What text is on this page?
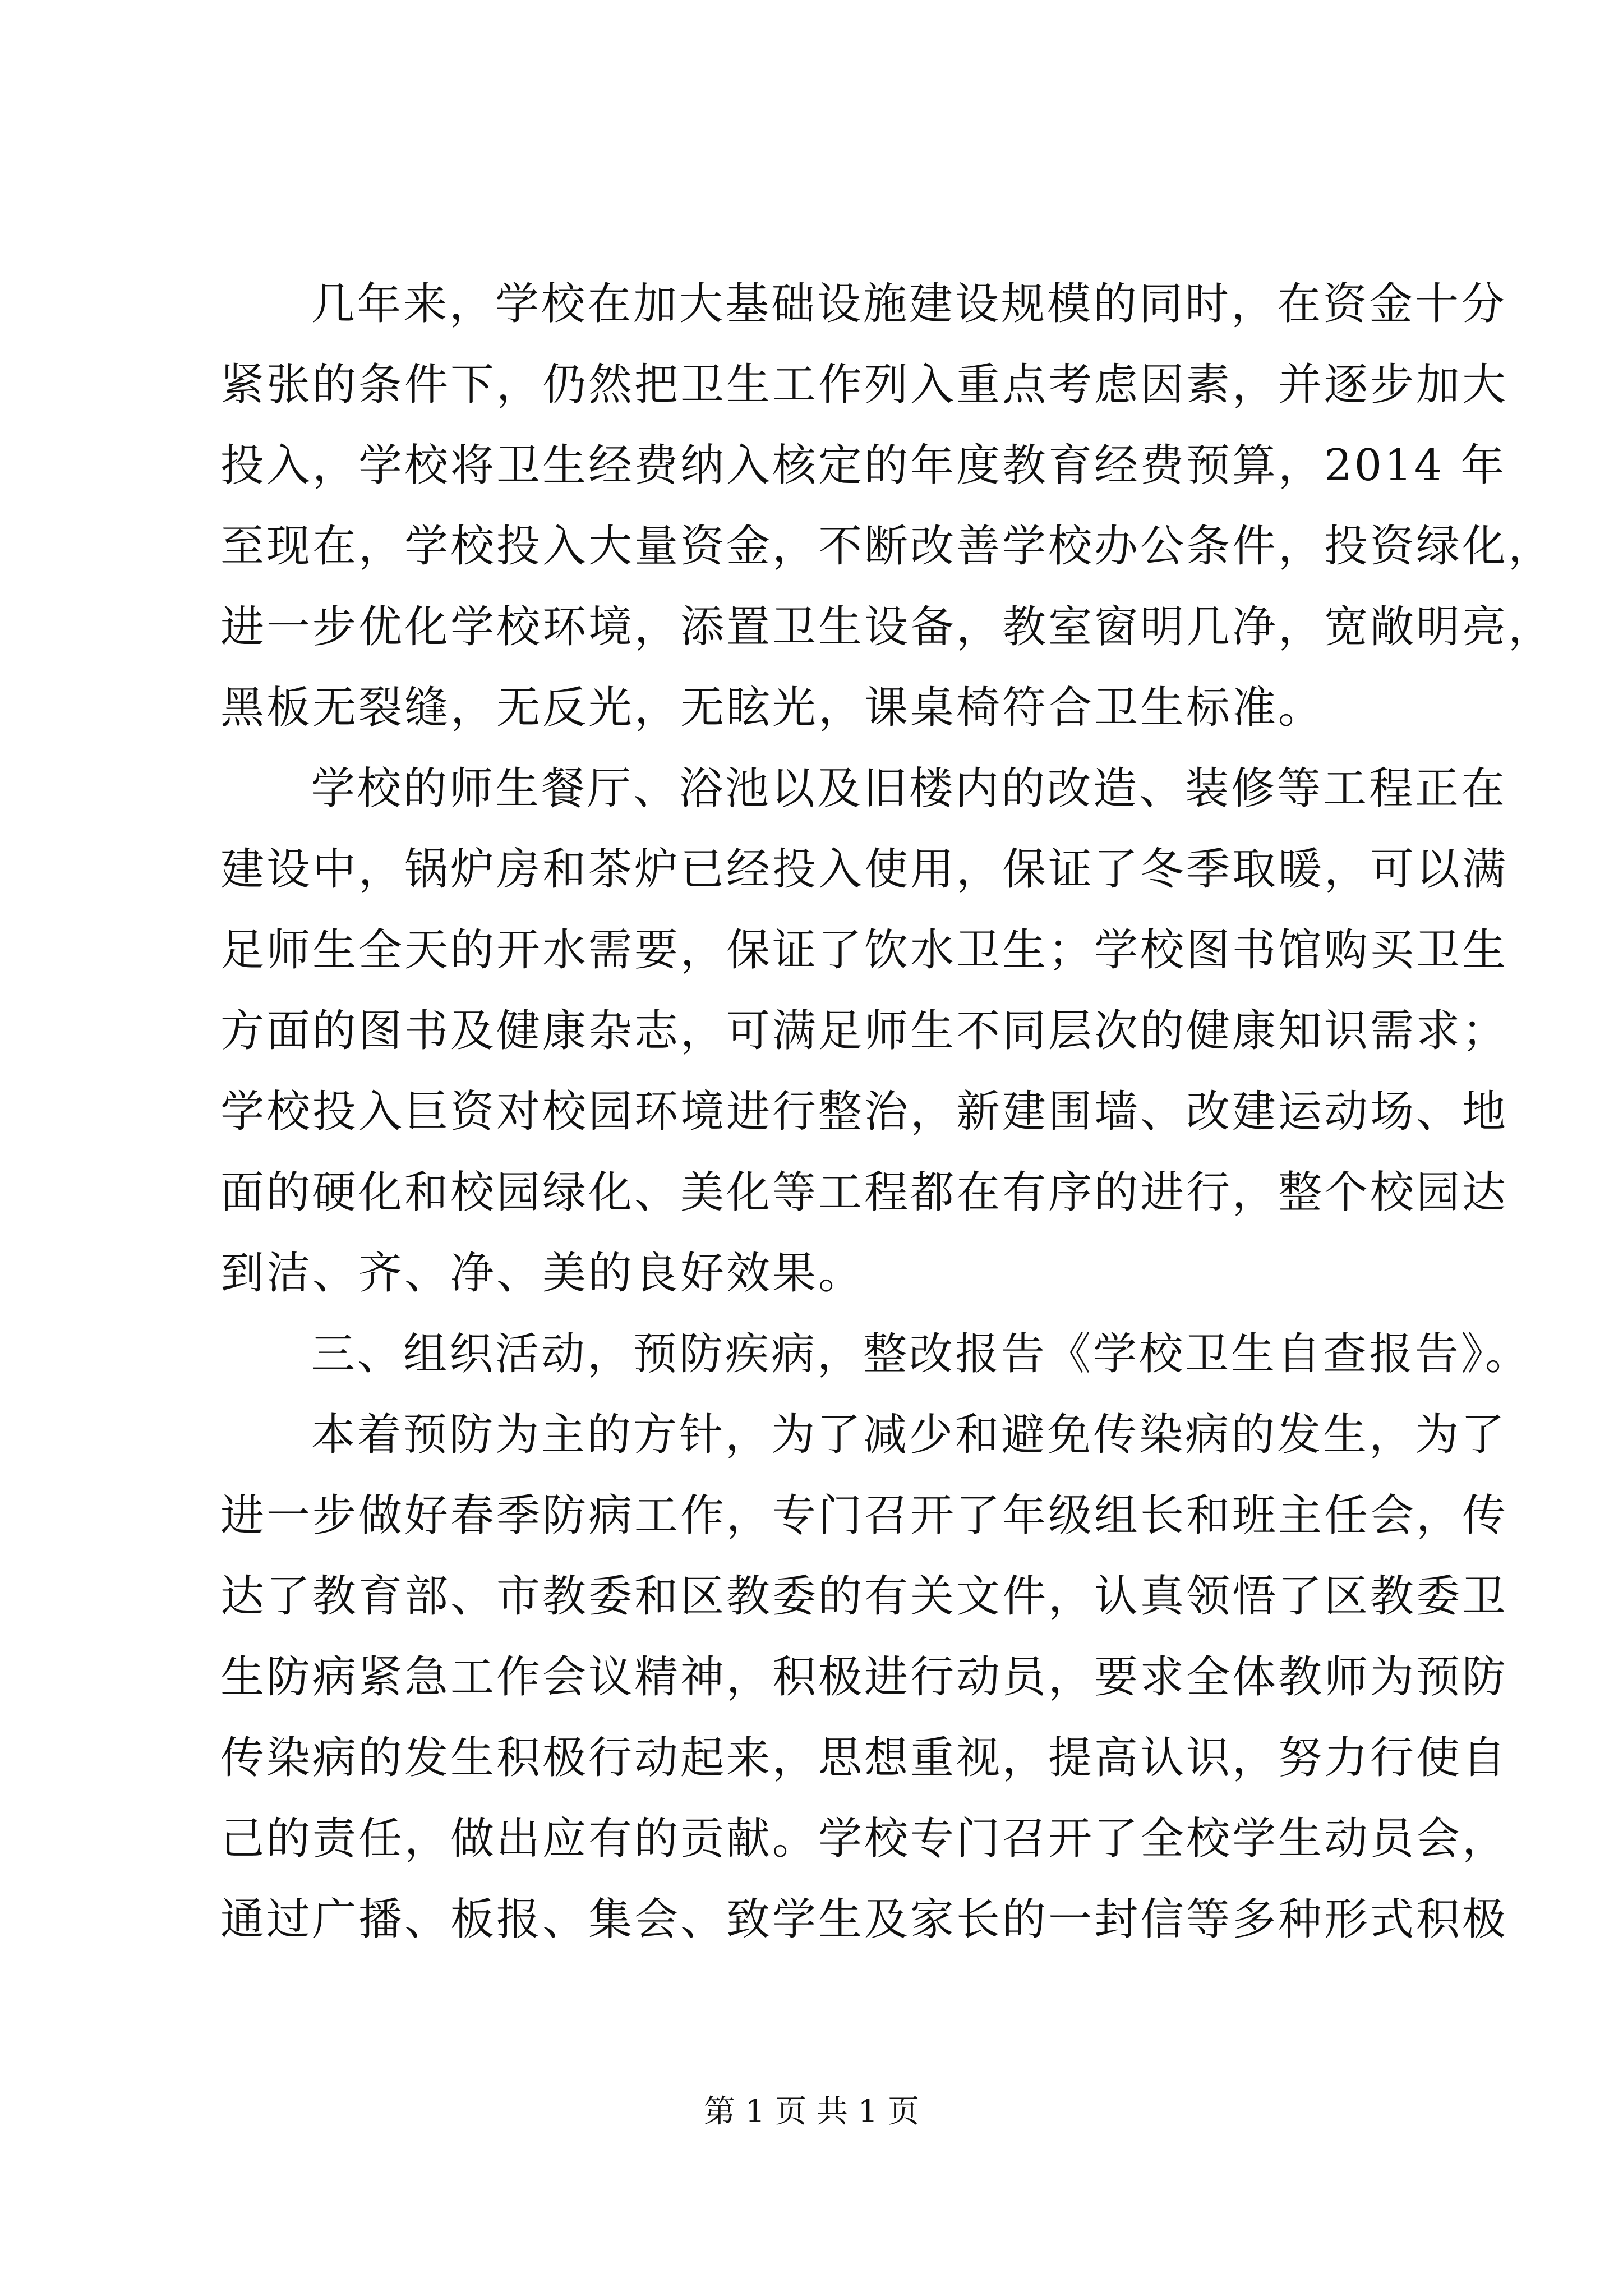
几年来，学校在加大基础设施建设规模的同时，在资金十分
紧张的条件下，仍然把卫生工作列入重点考虑因素，并逐步加大
投入，学校将卫生经费纳入核定的年度教育经费预算，2014 年
至现在，学校投入大量资金，不断改善学校办公条件，投资绿化，
进一步优化学校环境，添置卫生设备，教室窗明几净，宽敞明亮，
黑板无裂缝，无反光，无眩光，课桌椅符合卫生标准。
学校的师生餐厅、浴池以及旧楼内的改造、装修等工程正在
建设中，锅炉房和茶炉已经投入使用，保证了冬季取暖，可以满
足师生全天的开水需要，保证了饮水卫生；学校图书馆购买卫生
方面的图书及健康杂志，可满足师生不同层次的健康知识需求；
学校投入巨资对校园环境进行整治，新建围墙、改建运动场、地
面的硬化和校园绿化、美化等工程都在有序的进行，整个校园达
到洁、齐、净、美的良好效果。
三、组织活动，预防疾病，整改报告《学校卫生自查报告》。
本着预防为主的方针，为了减少和避免传染病的发生，为了
进一步做好春季防病工作，专门召开了年级组长和班主任会，传
达了教育部、市教委和区教委的有关文件，认真领悟了区教委卫
生防病紧急工作会议精神，积极进行动员，要求全体教师为预防
传染病的发生积极行动起来，思想重视，提高认识，努力行使自
己的责任，做出应有的贡献。学校专门召开了全校学生动员会，
通过广播、板报、集会、致学生及家长的一封信等多种形式积极
第 1 页 共 1 页
